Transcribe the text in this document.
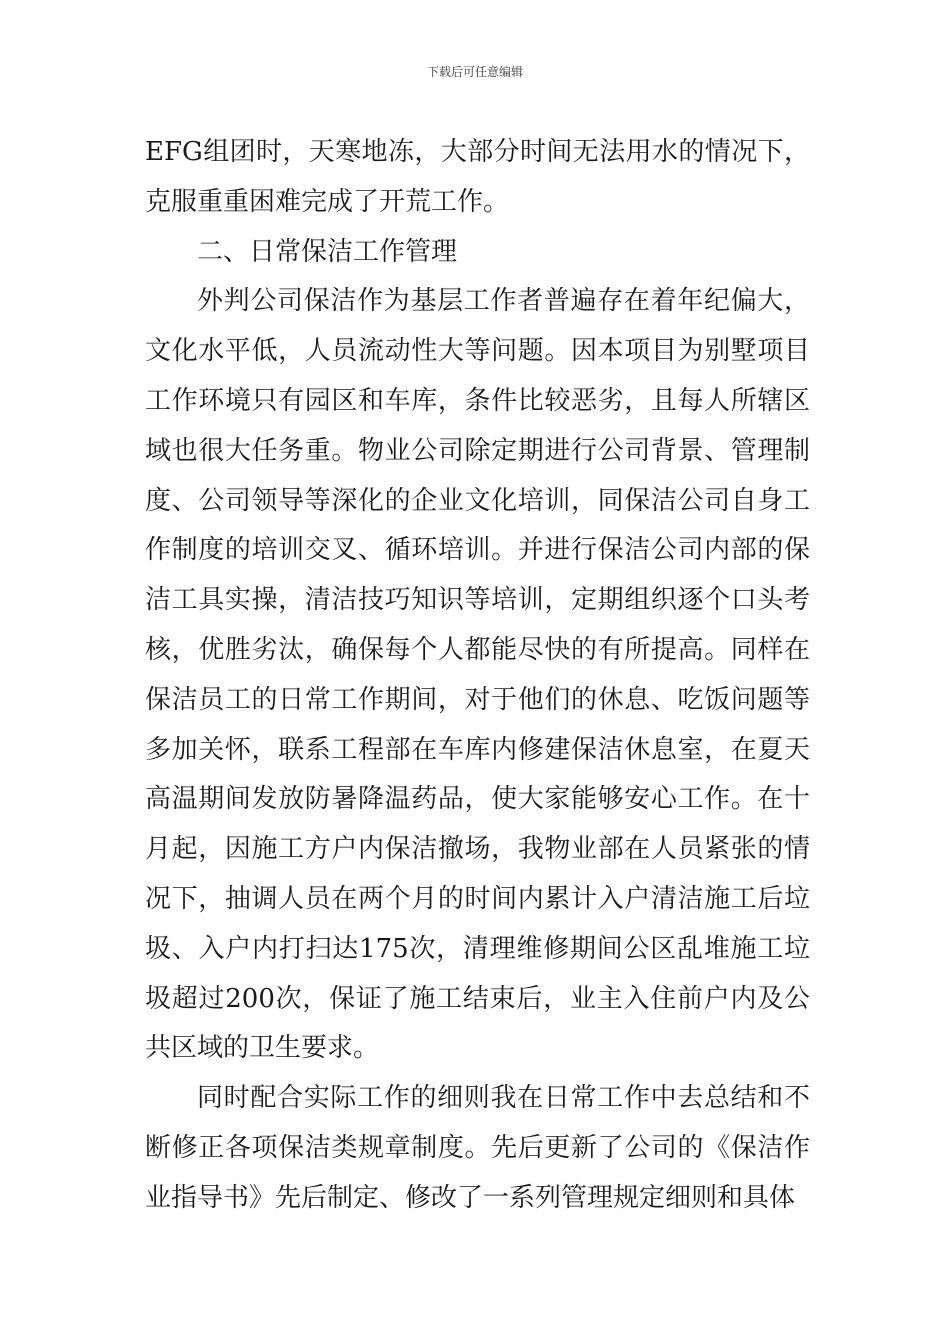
下载后可任意编辑

EFG组团时，天寒地冻，大部分时间无法用水的情况下，克服重重困难完成了开荒工作。

二、日常保洁工作管理

外判公司保洁作为基层工作者普遍存在着年纪偏大，文化水平低，人员流动性大等问题。因本项目为别墅项目工作环境只有园区和车库，条件比较恶劣，且每人所辖区域也很大任务重。物业公司除定期进行公司背景、管理制度、公司领导等深化的企业文化培训，同保洁公司自身工作制度的培训交叉、循环培训。并进行保洁公司内部的保洁工具实操，清洁技巧知识等培训，定期组织逐个口头考核，优胜劣汰，确保每个人都能尽快的有所提高。同样在保洁员工的日常工作期间，对于他们的休息、吃饭问题等多加关怀，联系工程部在车库内修建保洁休息室，在夏天高温期间发放防暑降温药品，使大家能够安心工作。在十月起，因施工方户内保洁撤场，我物业部在人员紧张的情况下，抽调人员在两个月的时间内累计入户清洁施工后垃圾、入户内打扫达175次，清理维修期间公区乱堆施工垃圾超过200次，保证了施工结束后，业主入住前户内及公共区域的卫生要求。

同时配合实际工作的细则我在日常工作中去总结和不断修正各项保洁类规章制度。先后更新了公司的《保洁作业指导书》先后制定、修改了一系列管理规定细则和具体
